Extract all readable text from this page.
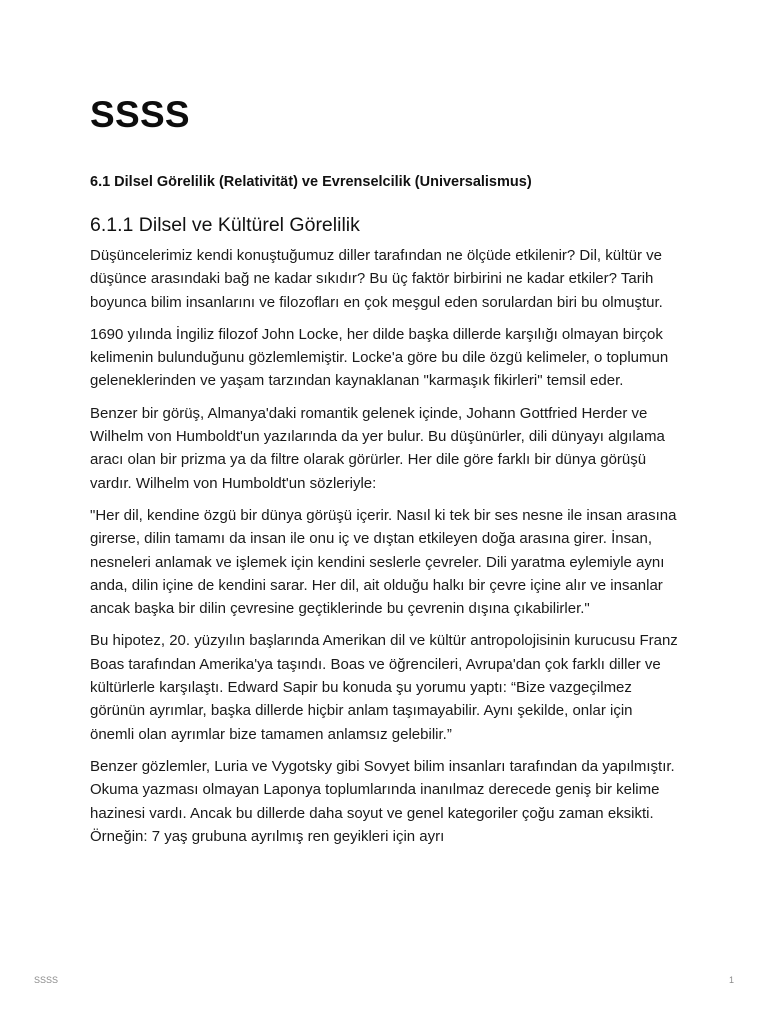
SSSS
6.1 Dilsel Görelilik (Relativität) ve Evrenselcilik (Universalismus)
6.1.1 Dilsel ve Kültürel Görelilik

Düşüncelerimiz kendi konuştuğumuz diller tarafından ne ölçüde etkilenir? Dil, kültür ve düşünce arasındaki bağ ne kadar sıkıdır? Bu üç faktör birbirini ne kadar etkiler? Tarih boyunca bilim insanlarını ve filozofları en çok meşgul eden sorulardan biri bu olmuştur.

1690 yılında İngiliz filozof John Locke, her dilde başka dillerde karşılığı olmayan birçok kelimenin bulunduğunu gözlemlemiştir. Locke'a göre bu dile özgü kelimeler, o toplumun geleneklerinden ve yaşam tarzından kaynaklanan "karmaşık fikirleri" temsil eder.

Benzer bir görüş, Almanya'daki romantik gelenek içinde, Johann Gottfried Herder ve Wilhelm von Humboldt'un yazılarında da yer bulur. Bu düşünürler, dili dünyayı algılama aracı olan bir prizma ya da filtre olarak görürler. Her dile göre farklı bir dünya görüşü vardır. Wilhelm von Humboldt'un sözleriyle:

"Her dil, kendine özgü bir dünya görüşü içerir. Nasıl ki tek bir ses nesne ile insan arasına girerse, dilin tamamı da insan ile onu iç ve dıştan etkileyen doğa arasına girer. İnsan, nesneleri anlamak ve işlemek için kendini seslerle çevreler. Dili yaratma eylemiyle aynı anda, dilin içine de kendini sarar. Her dil, ait olduğu halkı bir çevre içine alır ve insanlar ancak başka bir dilin çevresine geçtiklerinde bu çevrenin dışına çıkabilirler."

Bu hipotez, 20. yüzyılın başlarında Amerikan dil ve kültür antropolojisinin kurucusu Franz Boas tarafından Amerika'ya taşındı. Boas ve öğrencileri, Avrupa'dan çok farklı diller ve kültürlerle karşılaştı. Edward Sapir bu konuda şu yorumu yaptı: “Bize vazgeçilmez görünün ayrımlar, başka dillerde hiçbir anlam taşımayabilir. Aynı şekilde, onlar için önemli olan ayrımlar bize tamamen anlamsız gelebilir.”

Benzer gözlemler, Luria ve Vygotsky gibi Sovyet bilim insanları tarafından da yapılmıştır. Okuma yazması olmayan Laponya toplumlarında inanılmaz derecede geniş bir kelime hazinesi vardı. Ancak bu dillerde daha soyut ve genel kategoriler çoğu zaman eksikti. Örneğin: 7 yaş grubuna ayrılmış ren geyikleri için ayrı

SSSS	1
